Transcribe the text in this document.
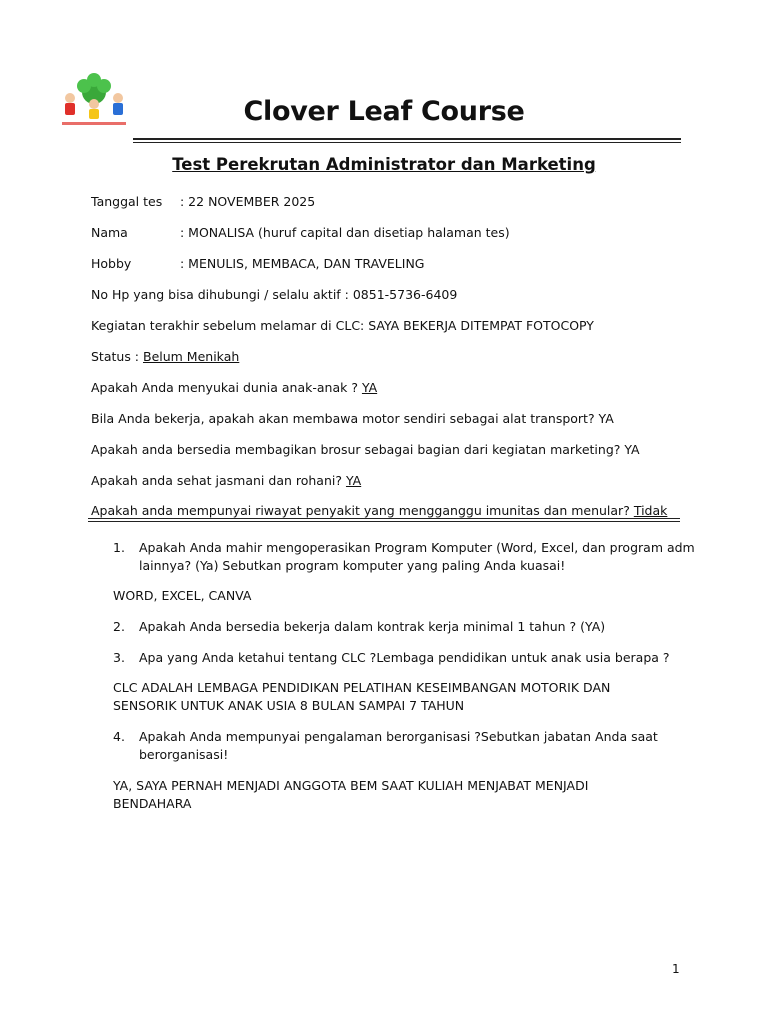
Clover Leaf Course
Test Perekrutan Administrator dan Marketing
Tanggal tes : 22 NOVEMBER 2025
Nama	: MONALISA (huruf capital dan disetiap halaman tes)
Hobby	: MENULIS, MEMBACA, DAN TRAVELING
No Hp yang bisa dihubungi / selalu aktif : 0851-5736-6409
Kegiatan terakhir sebelum melamar di CLC: SAYA BEKERJA DITEMPAT FOTOCOPY
Status : Belum Menikah
Apakah Anda menyukai dunia anak-anak ? YA
Bila Anda bekerja, apakah akan membawa motor sendiri sebagai alat transport? YA
Apakah anda bersedia membagikan brosur sebagai bagian dari kegiatan marketing? YA
Apakah anda sehat jasmani dan rohani? YA
Apakah anda mempunyai riwayat penyakit yang mengganggu imunitas dan menular? Tidak
1. Apakah Anda mahir mengoperasikan Program Komputer (Word, Excel, dan program adm
lainnya? (Ya) Sebutkan program komputer yang paling Anda kuasai!
WORD, EXCEL, CANVA
2. Apakah Anda bersedia bekerja dalam kontrak kerja minimal 1 tahun ? (YA)
3. Apa yang Anda ketahui tentang CLC ?Lembaga pendidikan untuk anak usia berapa ?
CLC ADALAH LEMBAGA PENDIDIKAN PELATIHAN KESEIMBANGAN MOTORIK DAN SENSORIK UNTUK ANAK USIA 8 BULAN SAMPAI 7 TAHUN
4. Apakah Anda mempunyai pengalaman berorganisasi ?Sebutkan jabatan Anda saat
berorganisasi!
YA, SAYA PERNAH MENJADI ANGGOTA BEM SAAT KULIAH MENJABAT MENJADI BENDAHARA
1
